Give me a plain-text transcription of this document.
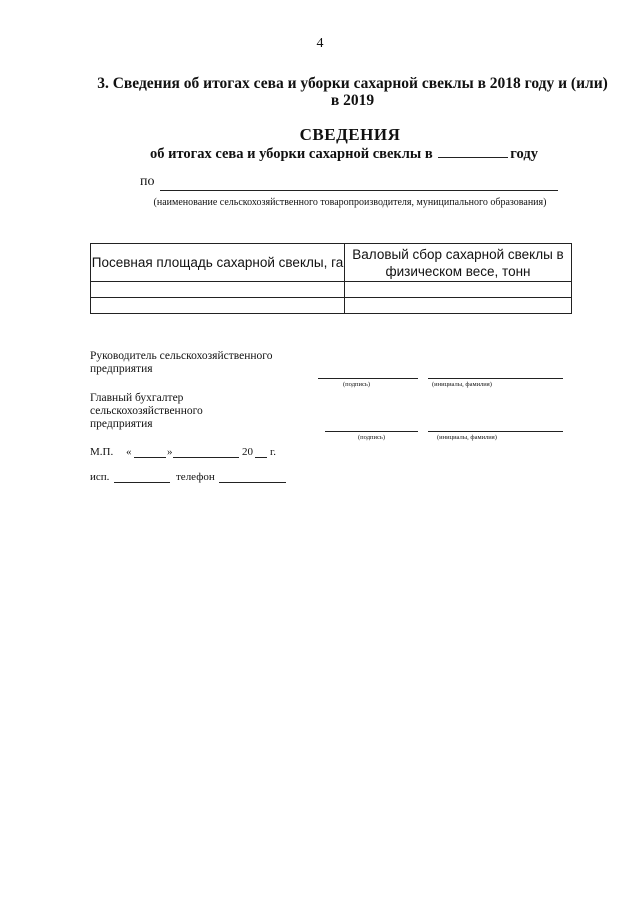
4
3. Сведения об итогах сева и уборки сахарной свеклы в 2018 году и (или) в 2019
СВЕДЕНИЯ
об итогах сева и уборки сахарной свеклы в	году
по
(наименование сельскохозяйственного товаропроизводителя, муниципального образования)
Посевная площадь сахарной свеклы, га	Валовый сбор сахарной свеклы в физическом весе, тонн

Руководитель сельскохозяйственного предприятия
(подпись)	(инициалы, фамилия)
Главный бухгалтер сельскохозяйственного предприятия
(подпись)	(инициалы, фамилия)
М.П. «	»	20 г.
исп.	телефон
